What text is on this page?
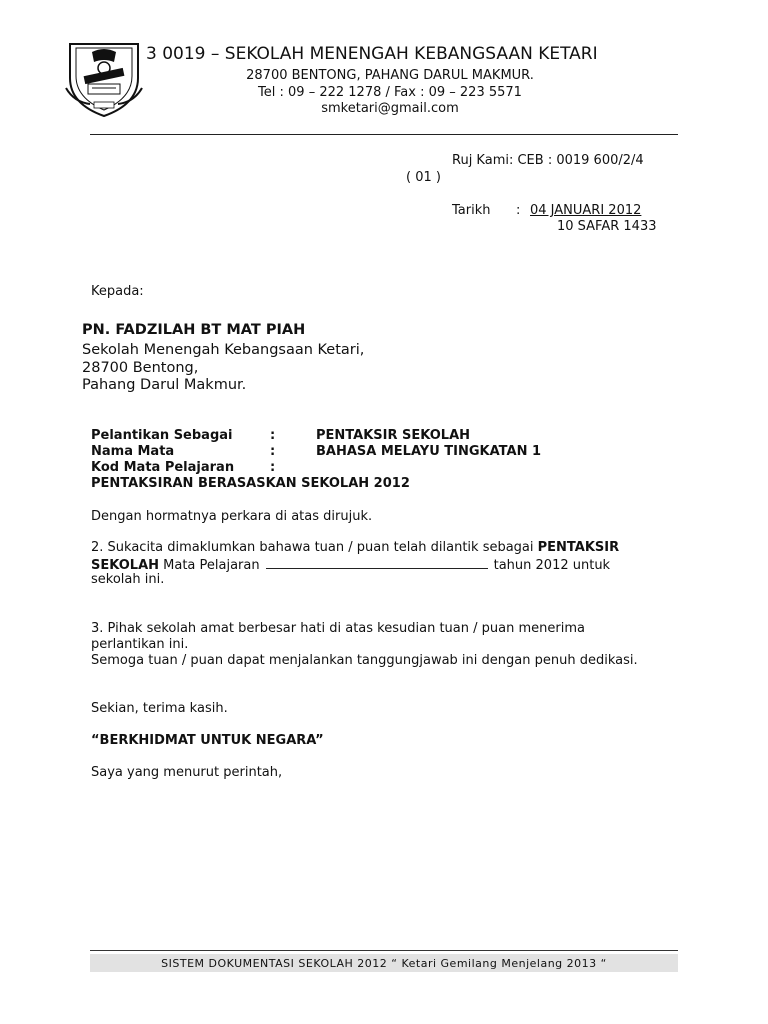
3 0019 – SEKOLAH MENENGAH KEBANGSAAN KETARI
28700 BENTONG, PAHANG DARUL MAKMUR.
Tel : 09 – 222 1278 / Fax : 09 – 223 5571
smketari@gmail.com
Ruj Kami: CEB : 0019 600/2/4
( 01 )
Tarikh : 04 JANUARI 2012
10 SAFAR 1433
Kepada:
PN. FADZILAH BT MAT PIAH
Sekolah Menengah Kebangsaan Ketari,
28700 Bentong,
Pahang Darul Makmur.
Pelantikan Sebagai	:	PENTAKSIR SEKOLAH
Nama Mata	:	BAHASA MELAYU TINGKATAN 1
Kod Mata Pelajaran	:
PENTAKSIRAN BERASASKAN SEKOLAH 2012
Dengan hormatnya perkara di atas dirujuk.
2. Sukacita dimaklumkan bahawa tuan / puan telah dilantik sebagai PENTAKSIR
SEKOLAH Mata Pelajaran	tahun 2012 untuk
sekolah ini.
3. Pihak sekolah amat berbesar hati di atas kesudian tuan / puan menerima
perlantikan ini.
Semoga tuan / puan dapat menjalankan tanggungjawab ini dengan penuh dedikasi.
Sekian, terima kasih.
“BERKHIDMAT UNTUK NEGARA”
Saya yang menurut perintah,
SISTEM DOKUMENTASI SEKOLAH 2012 “ Ketari Gemilang Menjelang 2013 “
